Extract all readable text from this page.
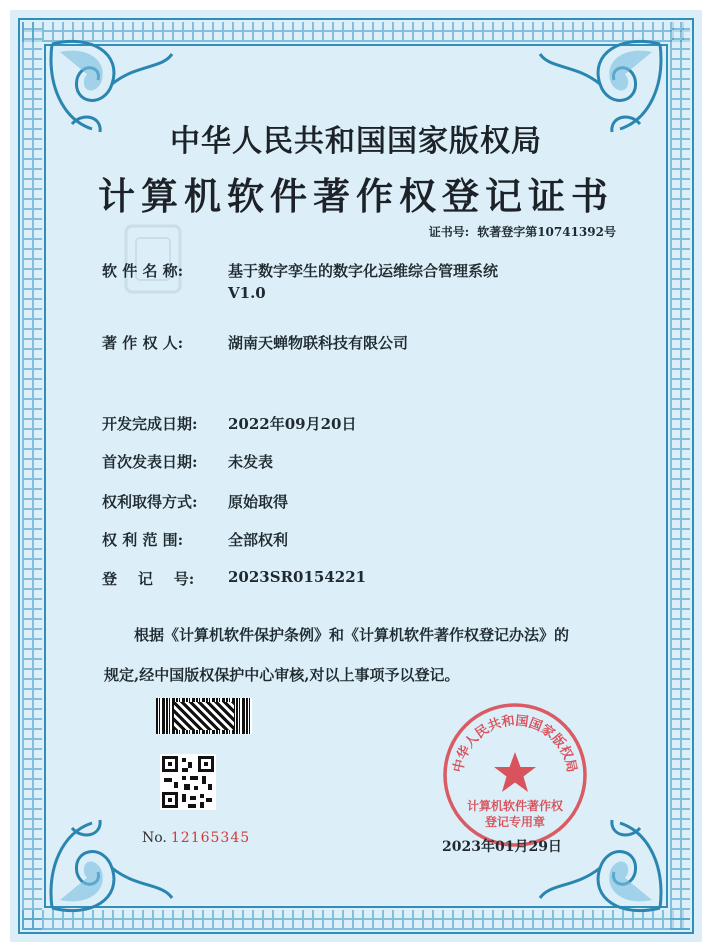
中华人民共和国国家版权局
计算机软件著作权登记证书
证书号: 软著登字第10741392号
软 件 名 称:	基于数字孪生的数字化运维综合管理系统
V1.0
著 作 权 人:	湖南天蝉物联科技有限公司
开发完成日期: 2022年09月20日
首次发表日期: 未发表
权利取得方式: 原始取得
权 利 范 围:	全部权利
登    记    号: 2023SR0154221
根据《计算机软件保护条例》和《计算机软件著作权登记办法》的
规定,经中国版权保护中心审核,对以上事项予以登记。
No. 12165345
中华人民共和国国家版权局
计算机软件著作权
登记专用章
2023年01月29日
